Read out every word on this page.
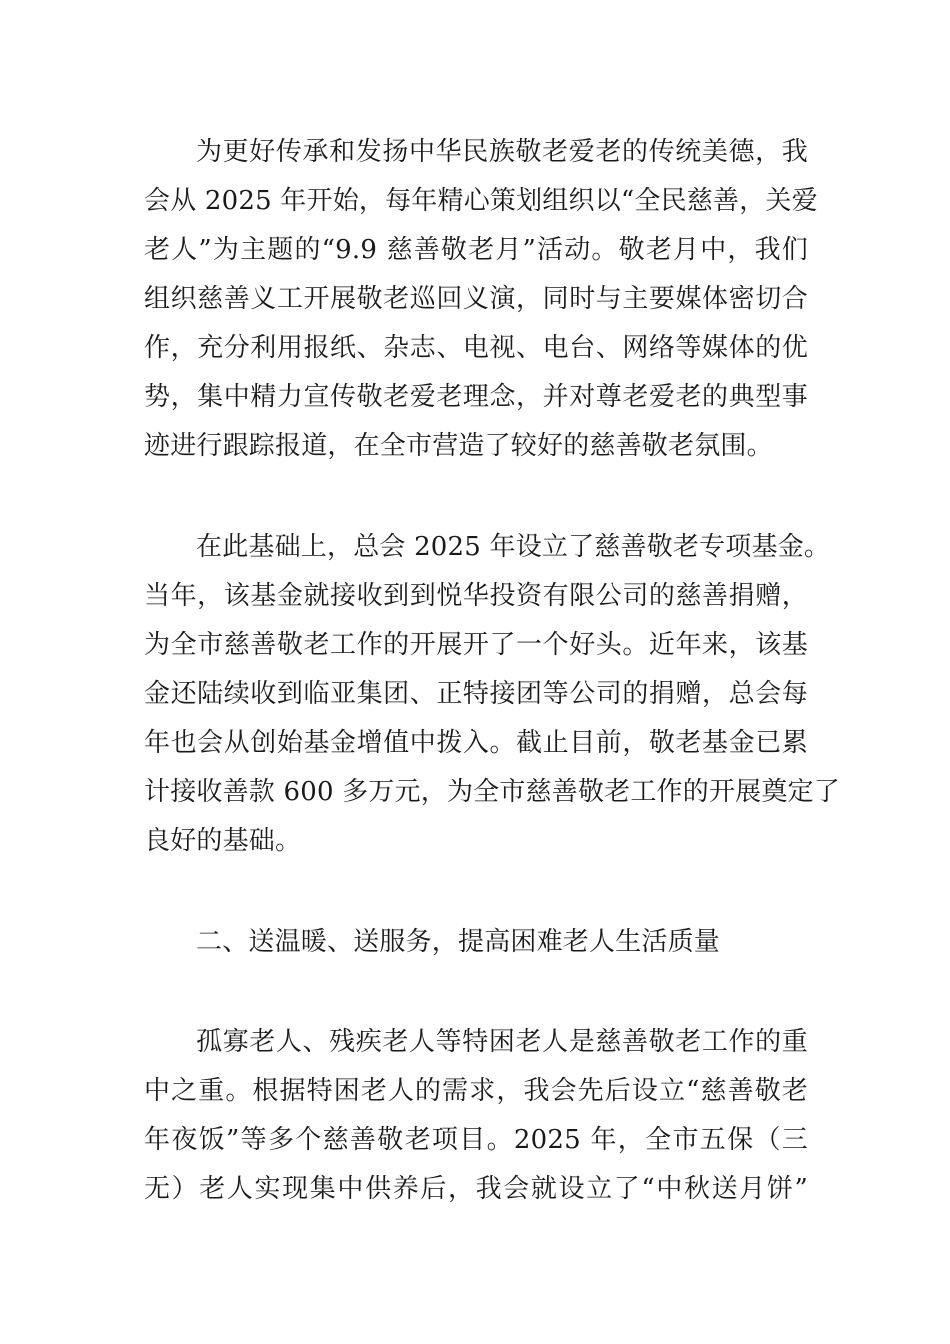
为更好传承和发扬中华民族敬老爱老的传统美德，我
会从 2025 年开始，每年精心策划组织以“全民慈善，关爱
老人”为主题的“9.9 慈善敬老月”活动。敬老月中，我们
组织慈善义工开展敬老巡回义演，同时与主要媒体密切合
作，充分利用报纸、杂志、电视、电台、网络等媒体的优
势，集中精力宣传敬老爱老理念，并对尊老爱老的典型事
迹进行跟踪报道，在全市营造了较好的慈善敬老氛围。
在此基础上，总会 2025 年设立了慈善敬老专项基金。
当年，该基金就接收到到悦华投资有限公司的慈善捐赠，
为全市慈善敬老工作的开展开了一个好头。近年来，该基
金还陆续收到临亚集团、正特接团等公司的捐赠，总会每
年也会从创始基金增值中拨入。截止目前，敬老基金已累
计接收善款 600 多万元，为全市慈善敬老工作的开展奠定了
良好的基础。
二、送温暖、送服务，提高困难老人生活质量
孤寡老人、残疾老人等特困老人是慈善敬老工作的重
中之重。根据特困老人的需求，我会先后设立“慈善敬老
年夜饭”等多个慈善敬老项目。2025 年，全市五保（三
无）老人实现集中供养后，我会就设立了“中秋送月饼”
